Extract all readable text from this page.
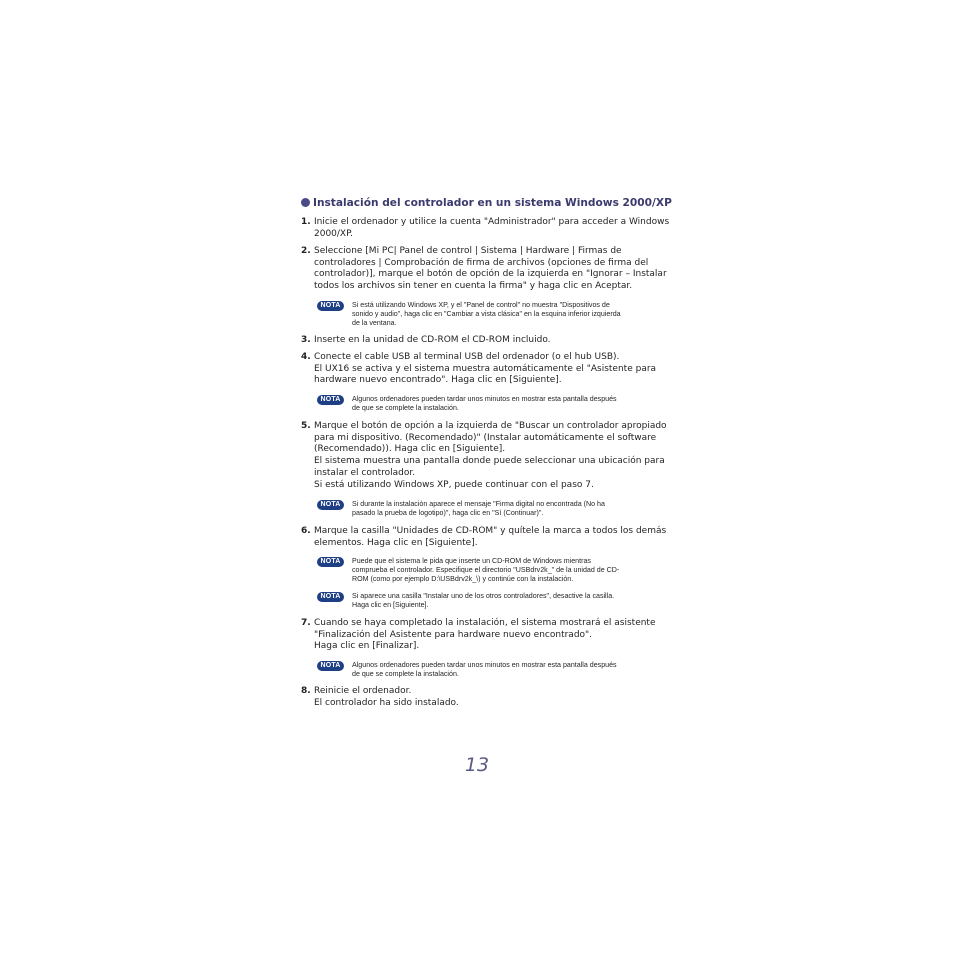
Instalación del controlador en un sistema Windows 2000/XP
1. Inicie el ordenador y utilice la cuenta "Administrador" para acceder a Windows
2000/XP.
2. Seleccione [Mi PC| Panel de control | Sistema | Hardware | Firmas de
controladores | Comprobación de firma de archivos (opciones de firma del
controlador)], marque el botón de opción de la izquierda en "Ignorar – Instalar
todos los archivos sin tener en cuenta la firma" y haga clic en Aceptar.
NOTA	Si está utilizando Windows XP, y el "Panel de control" no muestra "Dispositivos de
sonido y audio", haga clic en "Cambiar a vista clásica" en la esquina inferior izquierda
de la ventana.
3. Inserte en la unidad de CD-ROM el CD-ROM incluido.
4. Conecte el cable USB al terminal USB del ordenador (o el hub USB).
El UX16 se activa y el sistema muestra automáticamente el "Asistente para
hardware nuevo encontrado". Haga clic en [Siguiente].
NOTA	Algunos ordenadores pueden tardar unos minutos en mostrar esta pantalla después
de que se complete la instalación.
5. Marque el botón de opción a la izquierda de "Buscar un controlador apropiado
para mi dispositivo. (Recomendado)" (Instalar automáticamente el software
(Recomendado)). Haga clic en [Siguiente].
El sistema muestra una pantalla donde puede seleccionar una ubicación para
instalar el controlador.
Si está utilizando Windows XP, puede continuar con el paso 7.
NOTA	Si durante la instalación aparece el mensaje "Firma digital no encontrada (No ha
pasado la prueba de logotipo)", haga clic en "Sí (Continuar)".
6. Marque la casilla "Unidades de CD-ROM" y quítele la marca a todos los demás
elementos. Haga clic en [Siguiente].
NOTA	Puede que el sistema le pida que inserte un CD-ROM de Windows mientras
comprueba el controlador. Especifique el directorio "USBdrv2k_" de la unidad de CD-
ROM (como por ejemplo D:\USBdrv2k_\) y continúe con la instalación.
NOTA	Si aparece una casilla "Instalar uno de los otros controladores", desactive la casilla.
Haga clic en [Siguiente].
7. Cuando se haya completado la instalación, el sistema mostrará el asistente
"Finalización del Asistente para hardware nuevo encontrado".
Haga clic en [Finalizar].
NOTA	Algunos ordenadores pueden tardar unos minutos en mostrar esta pantalla después
de que se complete la instalación.
8. Reinicie el ordenador.
El controlador ha sido instalado.
13
